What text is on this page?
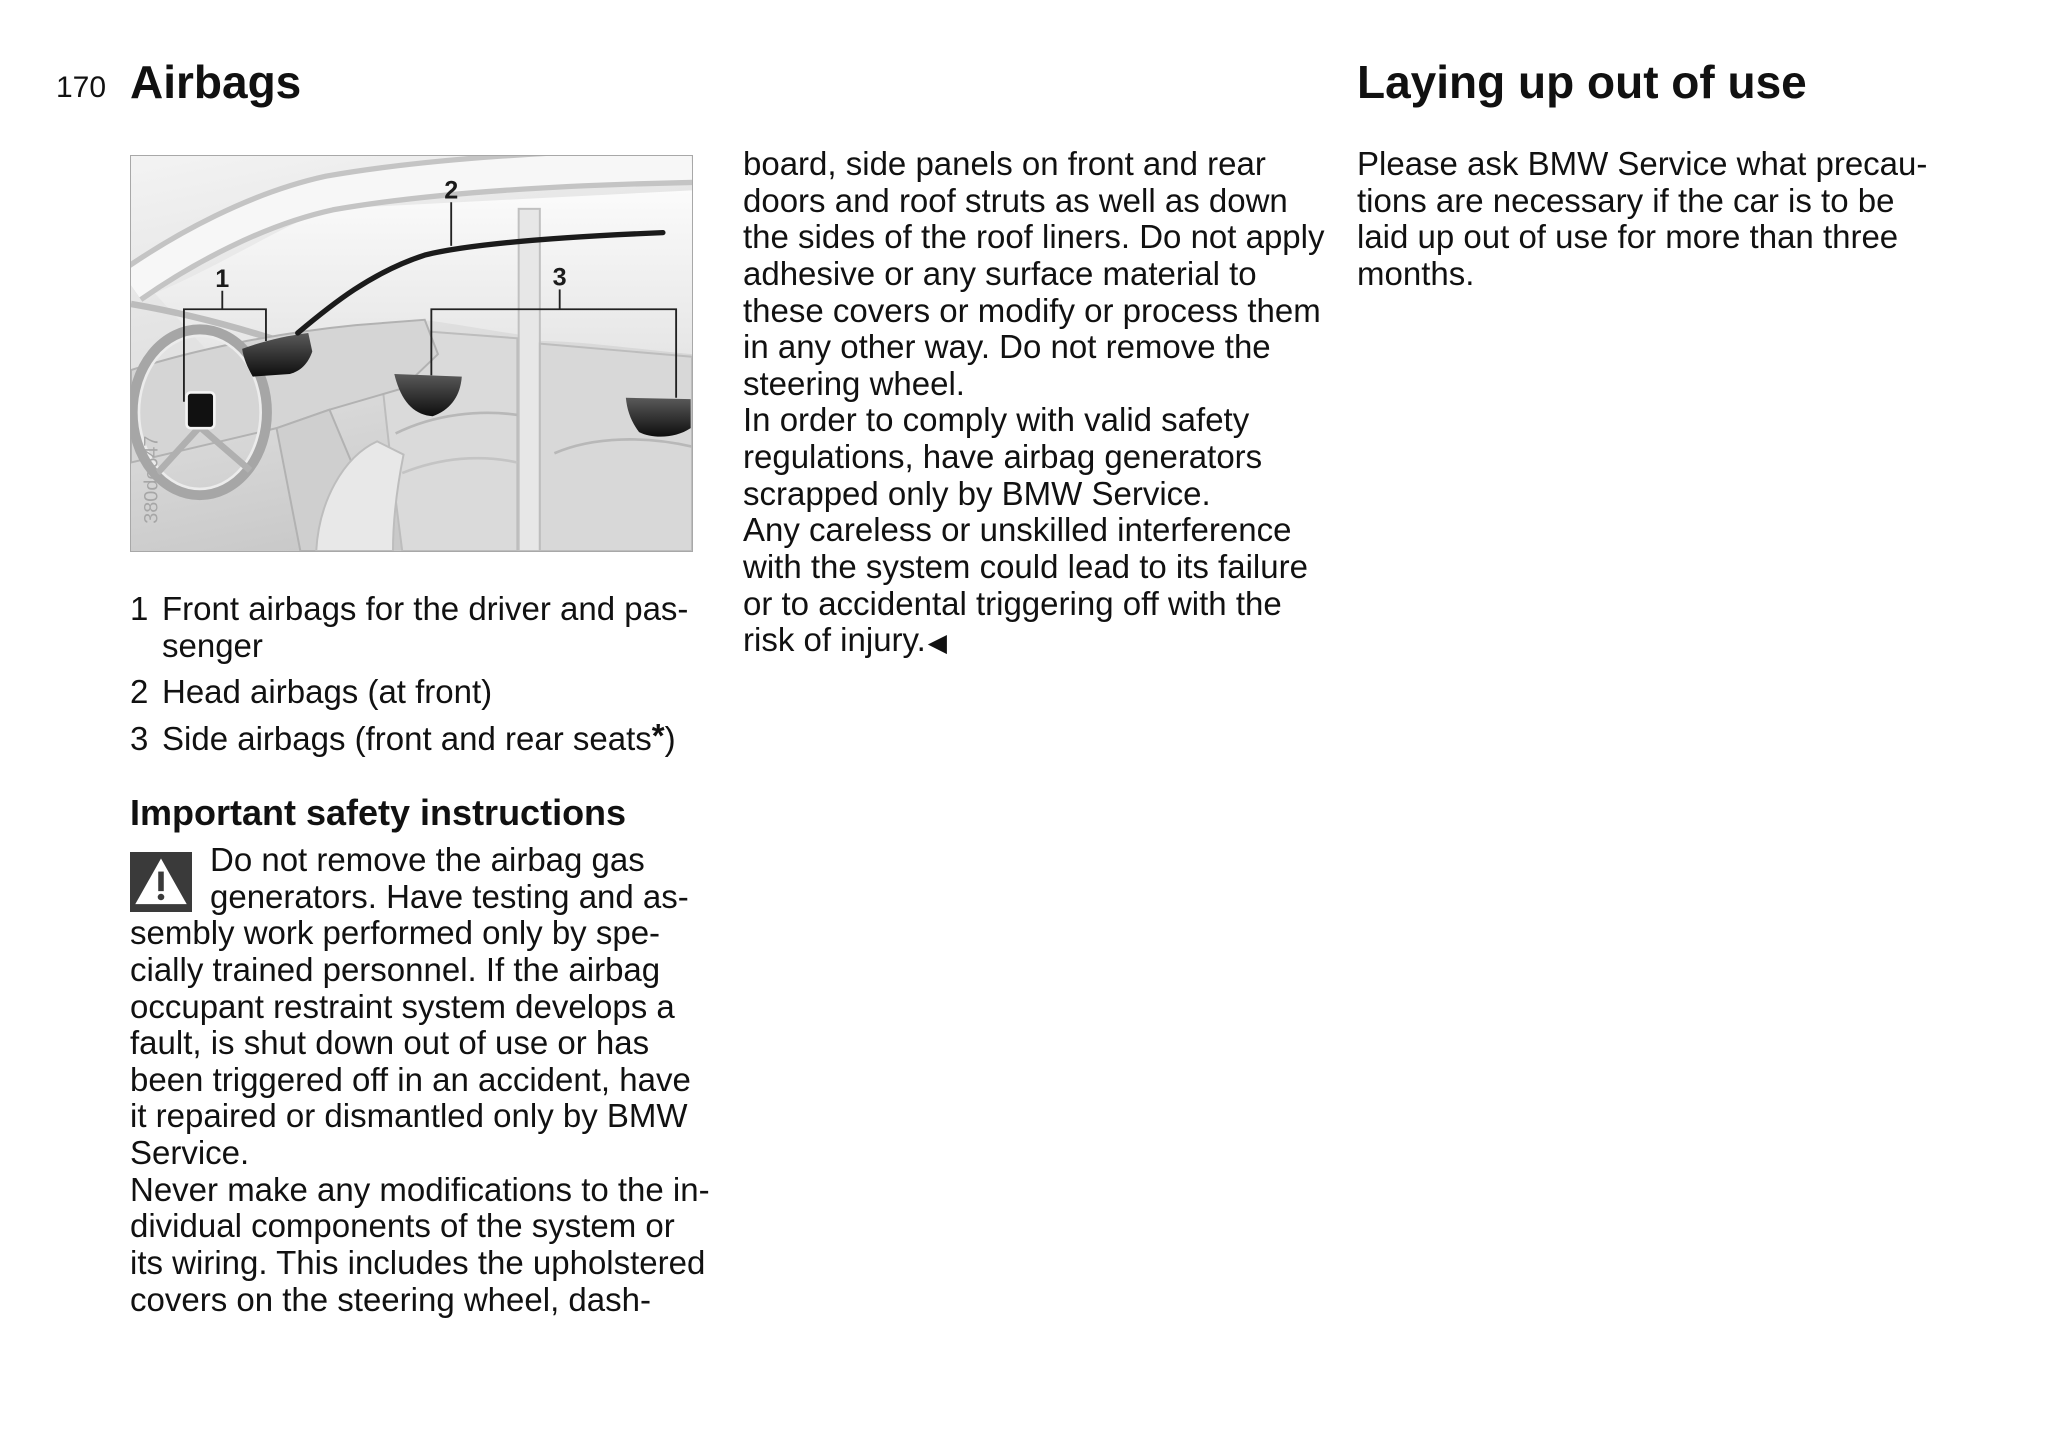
170 Airbags	Laying up out of use
2
1	3
380de647
1 Front airbags for the driver and pas-
senger
2 Head airbags (at front)
3 Side airbags (front and rear seats*)
Important safety instructions
Do not remove the airbag gas
generators. Have testing and as-
sembly work performed only by spe-
cially trained personnel. If the airbag
occupant restraint system develops a
fault, is shut down out of use or has
been triggered off in an accident, have
it repaired or dismantled only by BMW
Service.
Never make any modifications to the in-
dividual components of the system or
its wiring. This includes the upholstered
covers on the steering wheel, dash-
board, side panels on front and rear
doors and roof struts as well as down
the sides of the roof liners. Do not apply
adhesive or any surface material to
these covers or modify or process them
in any other way. Do not remove the
steering wheel.
In order to comply with valid safety
regulations, have airbag generators
scrapped only by BMW Service.
Any careless or unskilled interference
with the system could lead to its failure
or to accidental triggering off with the
risk of injury.◀
Please ask BMW Service what precau-
tions are necessary if the car is to be
laid up out of use for more than three
months.
